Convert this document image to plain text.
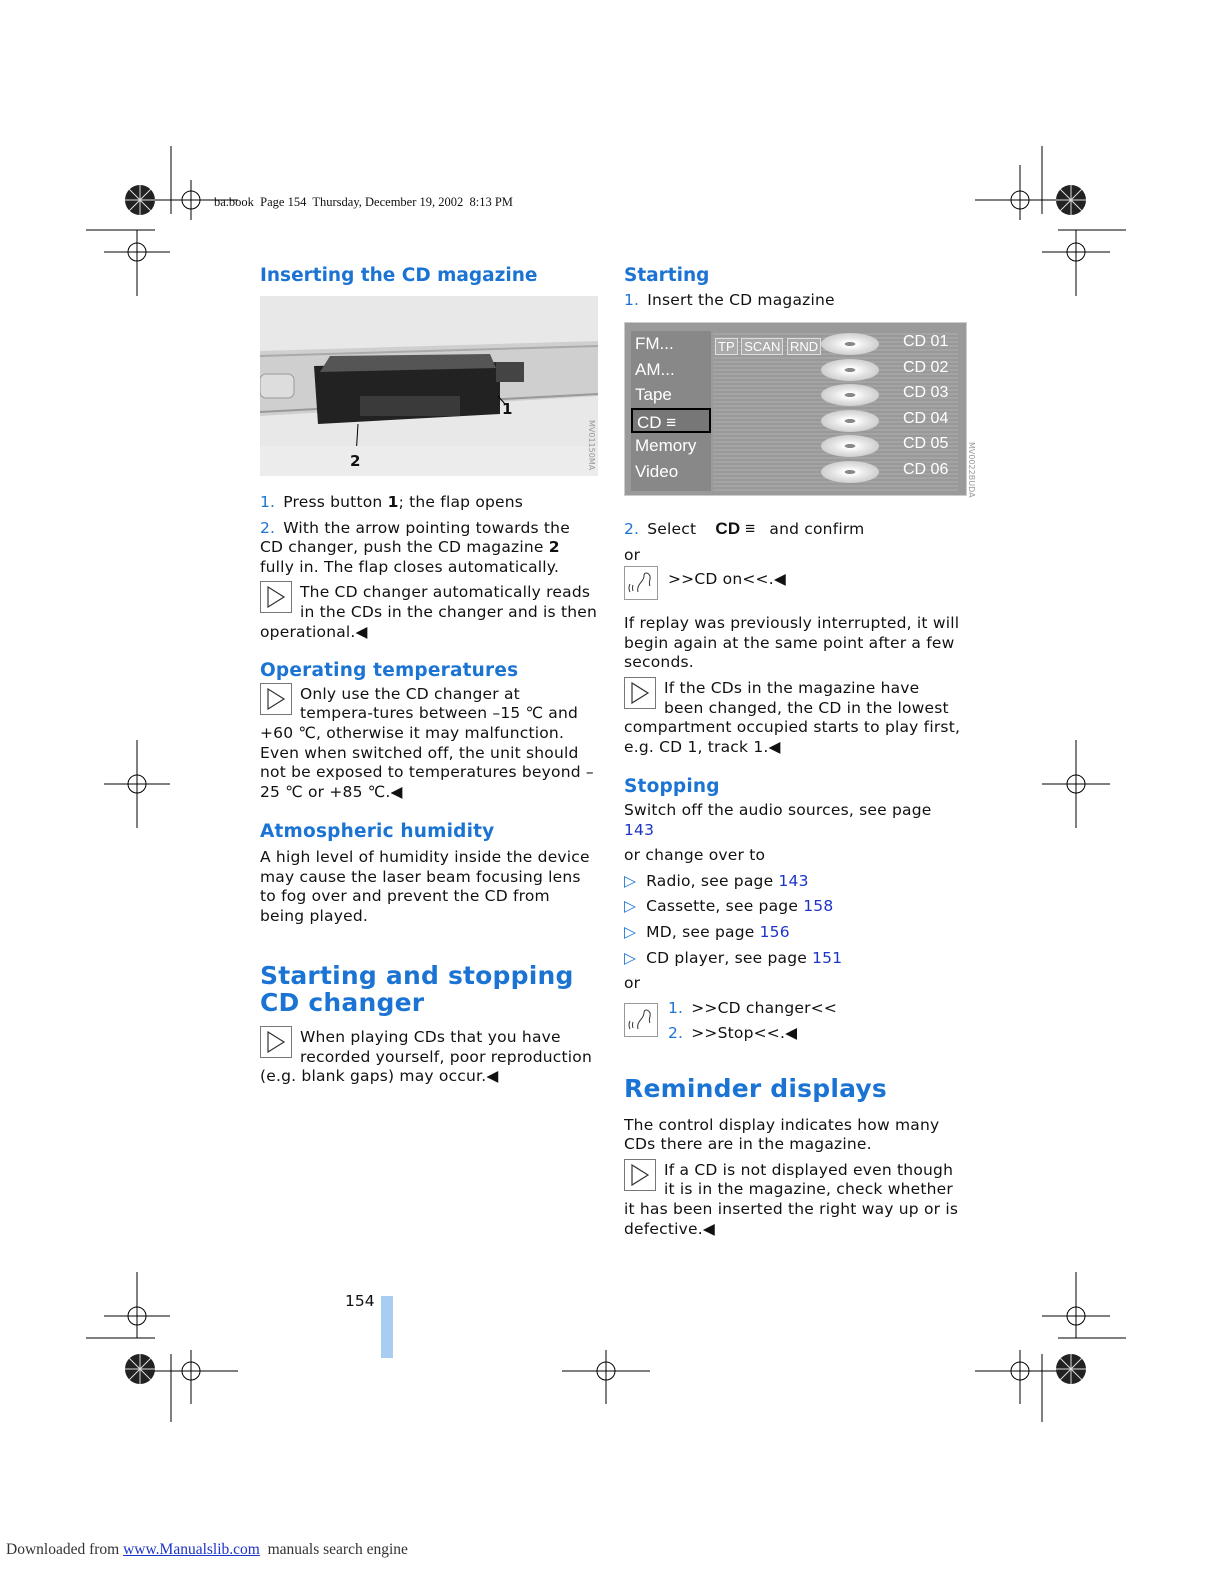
ba.book  Page 154  Thursday, December 19, 2002  8:13 PM
Inserting the CD magazine
1
2	MV01150MA

1. Press button 1; the flap opens

2. With the arrow pointing towards the CD changer, push the CD magazine 2 fully in. The flap closes automatically.

The CD changer automatically reads in the CDs in the changer and is then operational.◀

Operating temperatures

Only use the CD changer at tempera-tures between –15 ℃ and +60 ℃, otherwise it may malfunction.

Even when switched off, the unit should not be exposed to temperatures beyond –25 ℃ or +85 ℃.◀

Atmospheric humidity

A high level of humidity inside the device may cause the laser beam focusing lens to fog over and prevent the CD from being played.

Starting and stopping CD changer

When playing CDs that you have recorded yourself, poor reproduction (e.g. blank gaps) may occur.◀

Starting
1. Insert the CD magazine
FM...
AM...
Tape
CD ≡
Memory
Video
TP SCAN RND	CD 01
CD 02
CD 03
CD 04
CD 05
CD 06 MV0022BUDA

2. Select CD ≡ and confirm

or

>>CD on<<.◀

If replay was previously interrupted, it will begin again at the same point after a few seconds.

If the CDs in the magazine have been changed, the CD in the lowest compartment occupied starts to play first, e.g. CD 1, track 1.◀

Stopping

Switch off the audio sources, see page 143

or change over to

▷ Radio, see page 143

▷ Cassette, see page 158

▷ MD, see page 156

▷ CD player, see page 151

or

1. >>CD changer<<

2. >>Stop<<.◀

Reminder displays

The control display indicates how many CDs there are in the magazine.

If a CD is not displayed even though it is in the magazine, check whether it has been inserted the right way up or is defective.◀

154
Downloaded from www.Manualslib.com  manuals search engine
